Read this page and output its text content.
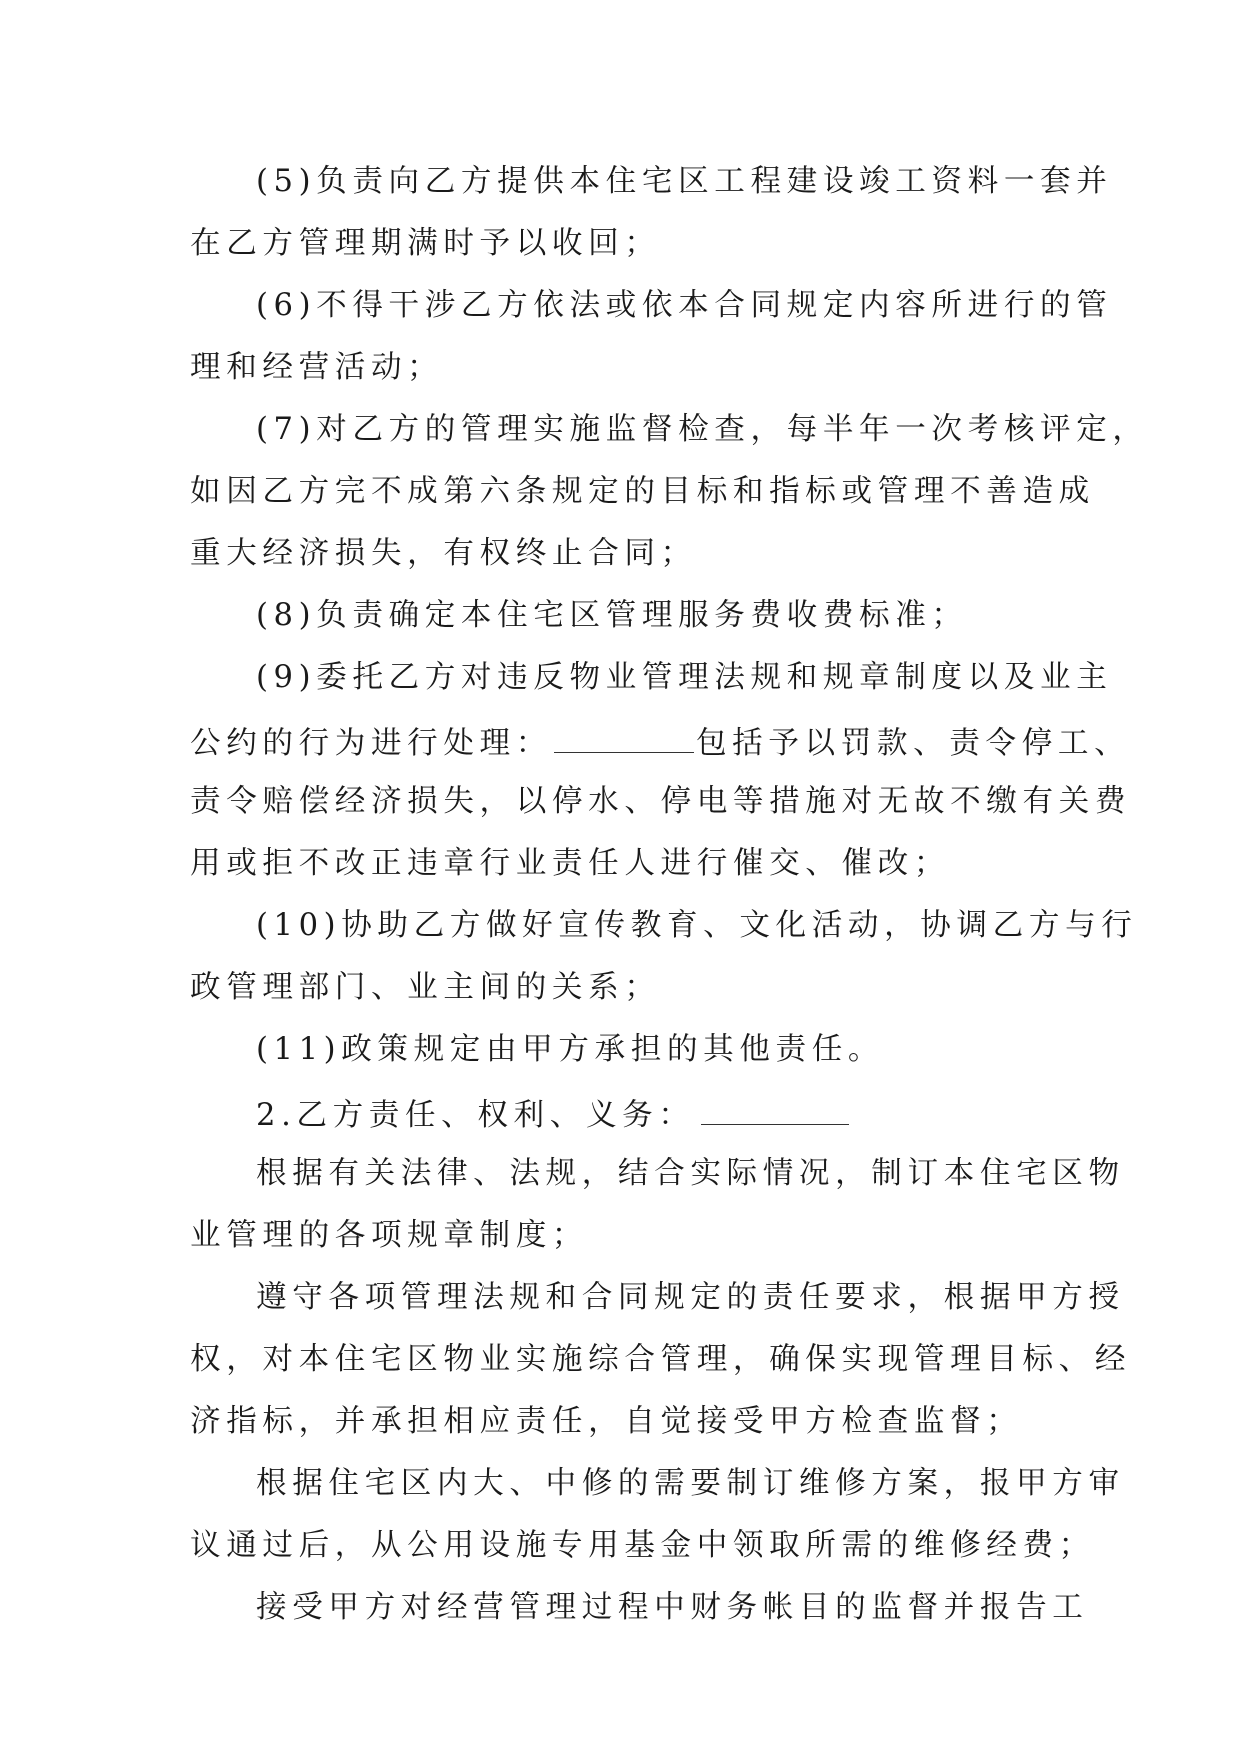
(5)负责向乙方提供本住宅区工程建设竣工资料一套并
在乙方管理期满时予以收回；
(6)不得干涉乙方依法或依本合同规定内容所进行的管
理和经营活动；
(7)对乙方的管理实施监督检查，每半年一次考核评定，
如因乙方完不成第六条规定的目标和指标或管理不善造成
重大经济损失，有权终止合同；
(8)负责确定本住宅区管理服务费收费标准；
(9)委托乙方对违反物业管理法规和规章制度以及业主
公约的行为进行处理：	包括予以罚款、责令停工、
责令赔偿经济损失，以停水、停电等措施对无故不缴有关费
用或拒不改正违章行业责任人进行催交、催改；
(10)协助乙方做好宣传教育、文化活动，协调乙方与行
政管理部门、业主间的关系；
(11)政策规定由甲方承担的其他责任。
2.乙方责任、权利、义务：
根据有关法律、法规，结合实际情况，制订本住宅区物
业管理的各项规章制度；
遵守各项管理法规和合同规定的责任要求，根据甲方授
权，对本住宅区物业实施综合管理，确保实现管理目标、经
济指标，并承担相应责任，自觉接受甲方检查监督；
根据住宅区内大、中修的需要制订维修方案，报甲方审
议通过后，从公用设施专用基金中领取所需的维修经费；
接受甲方对经营管理过程中财务帐目的监督并报告工
